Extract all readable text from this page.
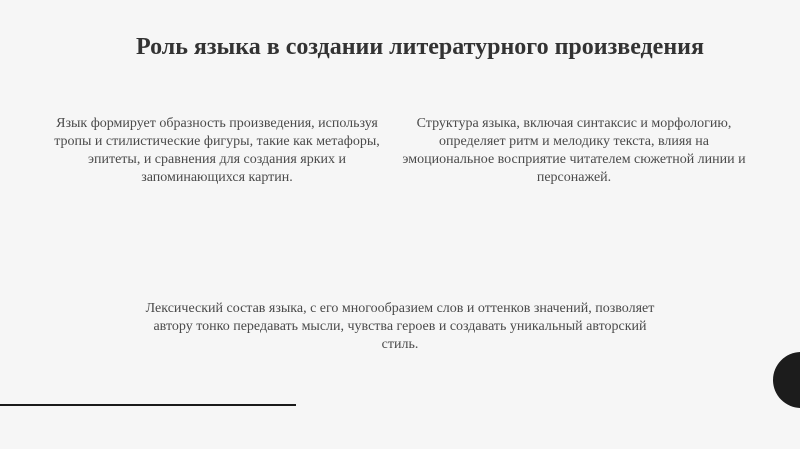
Роль языка в создании литературного произведения
Язык формирует образность произведения, используя тропы и стилистические фигуры, такие как метафоры, эпитеты, и сравнения для создания ярких и запоминающихся картин.
Структура языка, включая синтаксис и морфологию, определяет ритм и мелодику текста, влияя на эмоциональное восприятие читателем сюжетной линии и персонажей.
Лексический состав языка, с его многообразием слов и оттенков значений, позволяет автору тонко передавать мысли, чувства героев и создавать уникальный авторский стиль.
